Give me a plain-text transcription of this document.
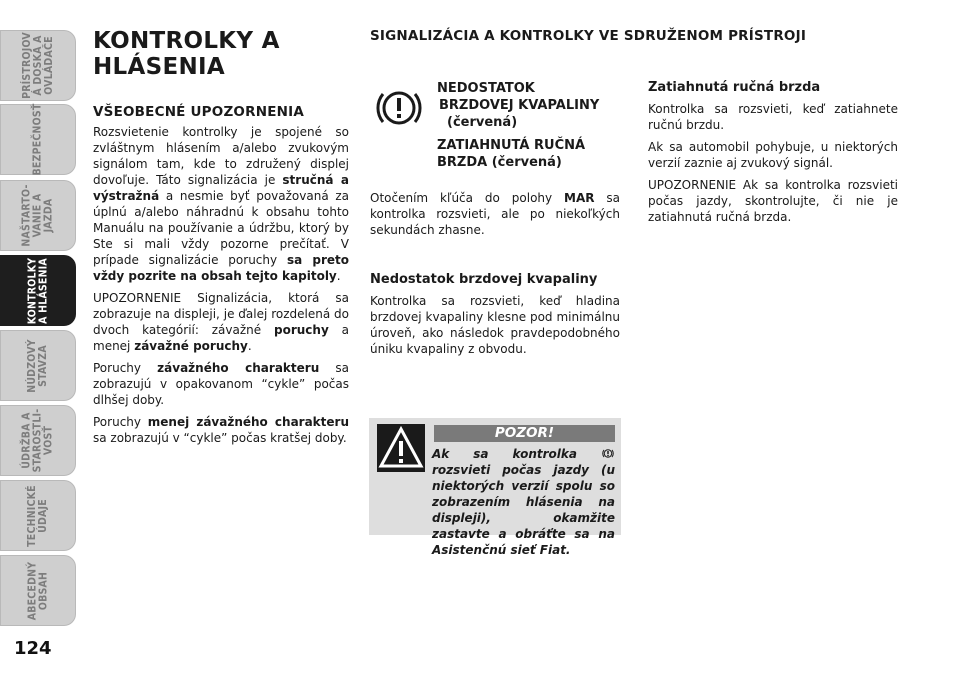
PRÍSTROJOV
Á DOSKA A
OVLÁDAČE
BEZPEČNOSŤ
NAŠTARTO-
VANIE A
JAZDA
KONTROLKY
A HLÁSENIA
NÚDZOVÝ
STAVZA
ÚDRŽBA A
STAROSTLI-
VOSŤ
TECHNICKÉ
ÚDAJE
ABECEDNÝ
OBSAH
124
KONTROLKY A
HLÁSENIA
VŠEOBECNÉ UPOZORNENIA

Rozsvietenie kontrolky je spojené so zvláštnym hlásením a/alebo zvukovým signálom tam, kde to združený displej dovoľuje. Táto signalizácia je stručná a výstražná a nesmie byť považovaná za úplnú a/alebo náhradnú k obsahu tohto Manuálu na používanie a údržbu, ktorý by Ste si mali vždy pozorne prečítať. V prípade signalizácie poruchy sa preto vždy pozrite na obsah tejto kapitoly.

UPOZORNENIE Signalizácia, ktorá sa zobrazuje na displeji, je ďalej rozdelená do dvoch kategórií: závažné poruchy a menej závažné poruchy.

Poruchy závažného charakteru sa zobrazujú v opakovanom “cykle” počas dlhšej doby.

Poruchy menej závažného charakteru sa zobrazujú v “cykle” počas kratšej doby.

SIGNALIZÁCIA A KONTROLKY VE SDRUŽENOM PRÍSTROJI
NEDOSTATOK
BRZDOVEJ KVAPALINY
(červená)
ZATIAHNUTÁ RUČNÁ
BRZDA (červená)

Otočením kľúča do polohy MAR sa kontrolka rozsvieti, ale po niekoľkých sekundách zhasne.

Nedostatok brzdovej kvapaliny

Kontrolka sa rozsvieti, keď hladina brzdovej kvapaliny klesne pod minimálnu úroveň, ako následok pravdepodobného úniku kvapaliny z obvodu.

POZOR!
Ak sa kontrolka  rozsvieti počas jazdy (u niektorých verzií spolu so zobrazením hlásenia na displeji), okamžite zastavte a obráťte sa na Asistenčnú sieť Fiat.
Zatiahnutá ručná brzda

Kontrolka sa rozsvieti, keď zatiahnete ručnú brzdu.

Ak sa automobil pohybuje, u niektorých verzií zaznie aj zvukový signál.

UPOZORNENIE Ak sa kontrolka rozsvieti počas jazdy, skontrolujte, či nie je zatiahnutá ručná brzda.
